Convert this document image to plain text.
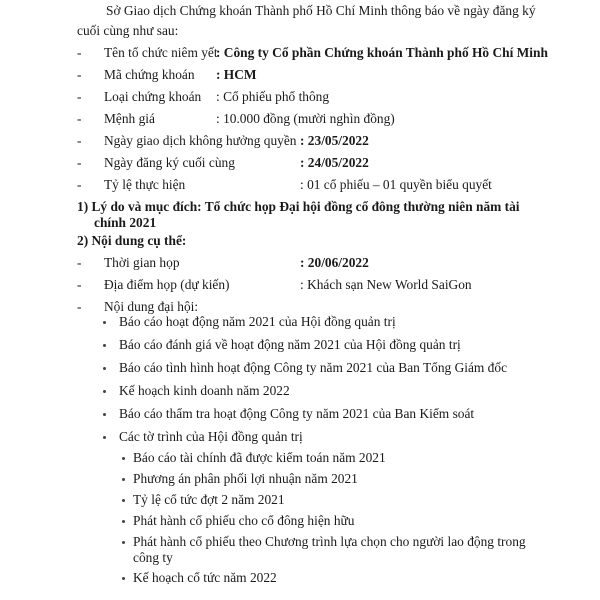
Sở Giao dịch Chứng khoán Thành phố Hồ Chí Minh thông báo về ngày đăng ký
cuối cùng như sau:
- Tên tổ chức niêm yết
: Công ty Cổ phần Chứng khoán Thành phố Hồ Chí Minh
- Mã chứng khoán : HCM
- Loại chứng khoán : Cổ phiếu phổ thông
- Mệnh giá	: 10.000 đồng (mười nghìn đồng)
- Ngày giao dịch không hưởng quyền : 23/05/2022
- Ngày đăng ký cuối cùng	: 24/05/2022
- Tỷ lệ thực hiện	: 01 cổ phiếu – 01 quyền biểu quyết
1) Lý do và mục đích: Tổ chức họp Đại hội đồng cổ đông thường niên năm tài
chính 2021
2) Nội dung cụ thể:
- Thời gian họp	: 20/06/2022
- Địa điểm họp (dự kiến)	: Khách sạn New World SaiGon
- Nội dung đại hội:
Báo cáo hoạt động năm 2021 của Hội đồng quản trị
Báo cáo đánh giá về hoạt động năm 2021 của Hội đồng quản trị
Báo cáo tình hình hoạt động Công ty năm 2021 của Ban Tổng Giám đốc
Kế hoạch kinh doanh năm 2022
Báo cáo thẩm tra hoạt động Công ty năm 2021 của Ban Kiểm soát
Các tờ trình của Hội đồng quản trị
Báo cáo tài chính đã được kiểm toán năm 2021
Phương án phân phối lợi nhuận năm 2021
Tỷ lệ cổ tức đợt 2 năm 2021
Phát hành cổ phiếu cho cổ đông hiện hữu
Phát hành cổ phiếu theo Chương trình lựa chọn cho người lao động trong
công ty
Kế hoạch cổ tức năm 2022
